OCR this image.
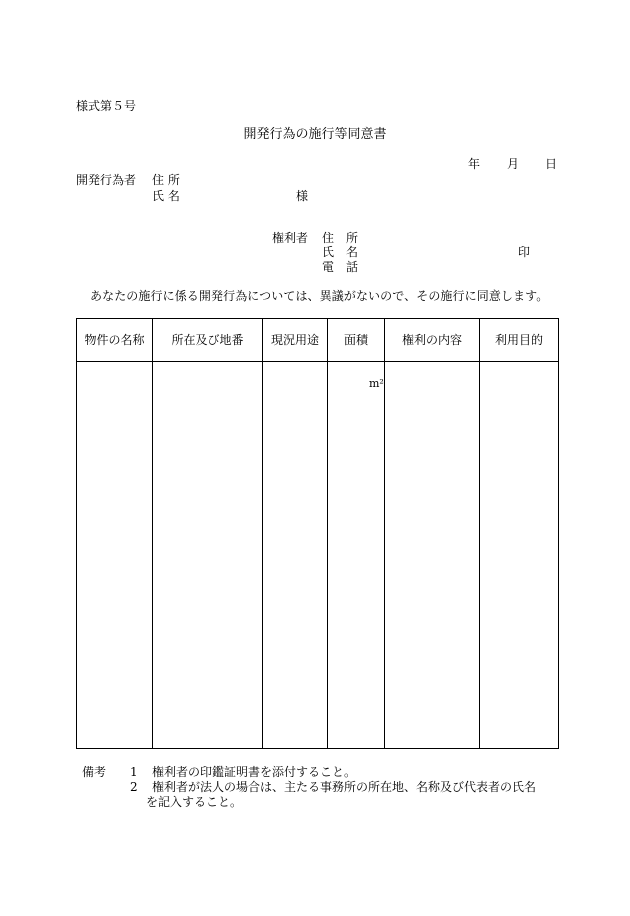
様式第５号
開発行為の施行等同意書
年 月 日
開発行為者 住 所
氏 名	様
権利者 住　所
氏　名
電　話
印
あなたの施行に係る開発行為については、異議がないので、その施行に同意します。
物件の名称	所在及び地番	現況用途	面積	権利の内容	利用目的

			m²		

備考 1 権利者の印鑑証明書を添付すること。
2 権利者が法人の場合は、主たる事務所の所在地、名称及び代表者の氏名
を記入すること。
